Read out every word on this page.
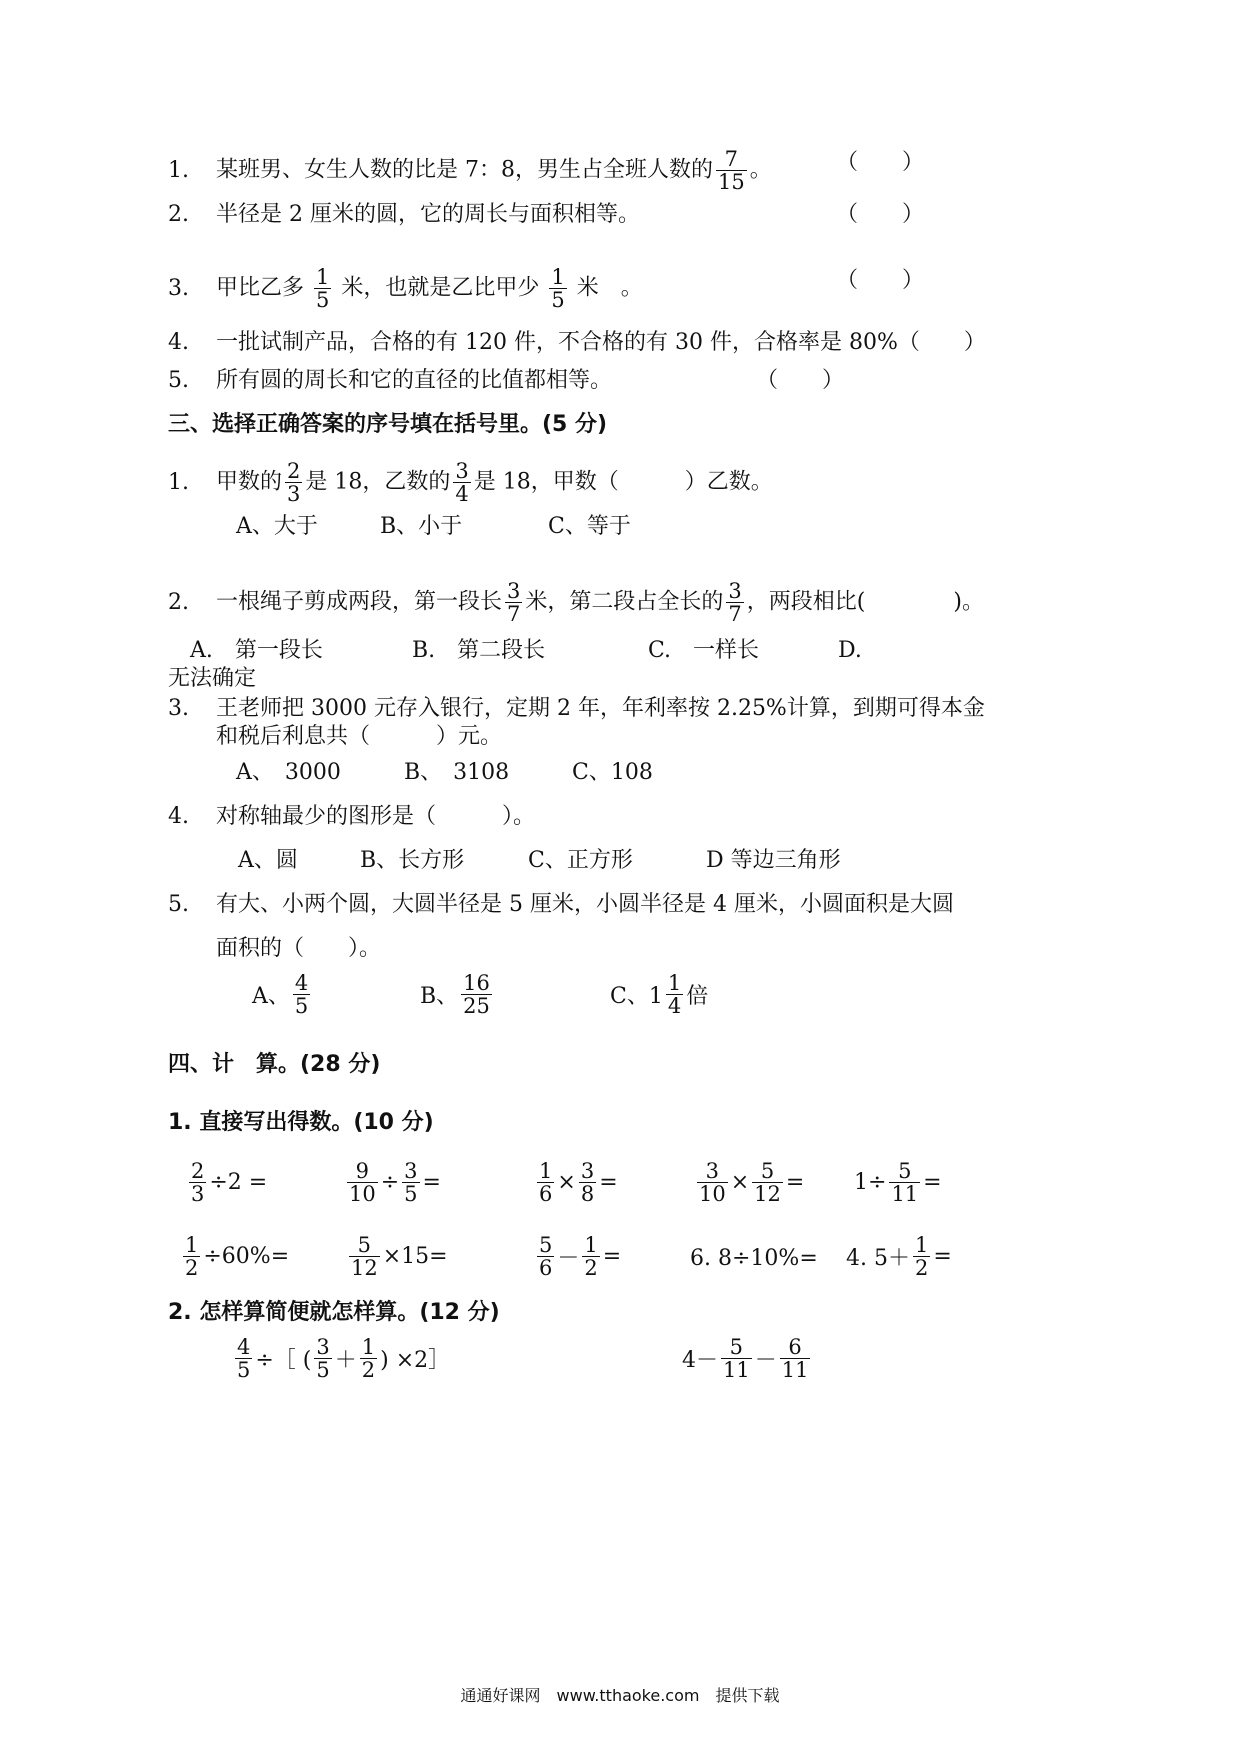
1. 某班男、女生人数的比是 7：8，男生占全班人数的 $\frac{7}{15}$ 。	（　　）
2. 半径是 2 厘米的圆，它的周长与面积相等。	（　　）
3. 甲比乙多 $\frac{1}{5}$ 米，也就是乙比甲少 $\frac{1}{5}$ 米　。	（　　）
4. 一批试制产品，合格的有 120 件，不合格的有 30 件，合格率是 80%（　　）
5. 所有圆的周长和它的直径的比值都相等。	（　　）
三、选择正确答案的序号填在括号里。(5 分)
1. 甲数的 $\frac{2}{3}$ 是 18，乙数的 $\frac{3}{4}$ 是 18，甲数（　　　）乙数。
A、大于	B、小于	C、等于
2. 一根绳子剪成两段，第一段长 $\frac{3}{7}$ 米，第二段占全长的 $\frac{3}{7}$ ，两段相比(　　　　)。
A.　第一段长	B.　第二段长	C.　一样长	D.
无法确定
3. 王老师把 3000 元存入银行，定期 2 年，年利率按 2.25%计算，到期可得本金
和税后利息共（　　　）元。
A、　3000	B、　3108	C、108
4. 对称轴最少的图形是（　　　）。
A、圆	B、长方形	C、正方形	D 等边三角形
5. 有大、小两个圆，大圆半径是 5 厘米，小圆半径是 4 厘米，小圆面积是大圆
面积的（　　）。
A、 $\frac{4}{5}$	B、 $\frac{16}{25}$	C、$1 \frac{1}{4}$ 倍
四、计　算。(28 分)
1. 直接写出得数。(10 分)
$\frac{2}{3} \div 2$ =	$\frac{9}{10} \div \frac{3}{5}$ =	$\frac{1}{6} \times \frac{3}{8}$ =	$\frac{3}{10} \times \frac{5}{12} = 1\div \frac{5}{11}$ =
$\frac{1}{2} \div 60\%=$	$\frac{5}{12} \times 15=$	$\frac{5}{6} - \frac{1}{2}$ =	6. 8÷10%= 4. $5+ \frac{1}{2}$ =
2. 怎样算简便就怎样算。(12 分)
$\frac{4}{5}$ ÷［ ( $\frac{3}{5} + \frac{1}{2}$ ) ×2］	$4- \frac{5}{11} - \frac{6}{11}$
通通好课网　www.tthaoke.com　提供下载
